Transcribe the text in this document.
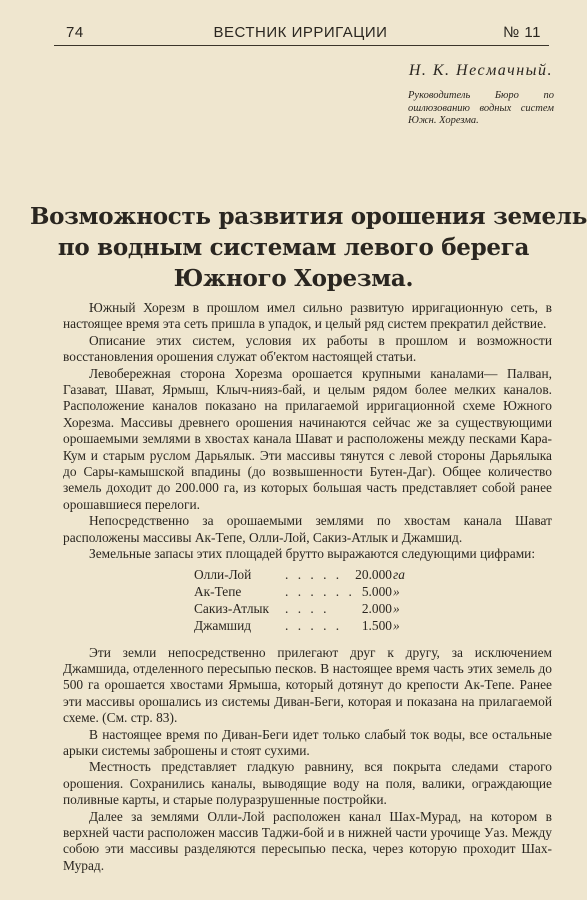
74	ВЕСТНИК ИРРИГАЦИИ	№ 11
Н. К. Несмачный.
Руководитель Бюро по ошлюзованию водных систем Южн. Хорезма.
Возможность развития орошения земель
по водным системам левого берега
Южного Хорезма.

Южный Хорезм в прошлом имел сильно развитую ирригационную сеть, в настоящее время эта сеть пришла в упадок, и целый ряд систем прекратил действие.

Описание этих систем, условия их работы в прошлом и возможности восстановления орошения служат об'ектом настоящей статьи.

Левобережная сторона Хорезма орошается крупными каналами— Палван, Газават, Шават, Ярмыш, Клыч-нияз-бай, и целым рядом более мелких каналов. Расположение каналов показано на прилагаемой ирригационной схеме Южного Хорезма. Массивы древнего орошения начинаются сейчас же за существующими орошаемыми землями в хвостах канала Шават и расположены между песками Кара-Кум и старым руслом Дарьялык. Эти массивы тянутся с левой стороны Дарьялыка до Сары-камышской впадины (до возвышенности Бутен-Даг). Общее количество земель доходит до 200.000 га, из которых большая часть представляет собой ранее орошавшиеся перелоги.

Непосредственно за орошаемыми землями по хвостам канала Шават расположены массивы Ак-Тепе, Олли-Лой, Сакиз-Атлык и Джамшид.

Земельные запасы этих площадей брутто выражаются следующими цифрами:

Олли-Лой	. . . . . 20.000 га
Ак-Тепе	. . . . . . 5.000 »
Сакиз-Атлык . . . . 2.000 »
Джамшид	. . . . . 1.500 »

Эти земли непосредственно прилегают друг к другу, за исключением Джамшида, отделенного пересыпью песков. В настоящее время часть этих земель до 500 га орошается хвостами Ярмыша, который дотянут до крепости Ак-Тепе. Ранее эти массивы орошались из системы Диван-Беги, которая и показана на прилагаемой схеме. (См. стр. 83).

В настоящее время по Диван-Беги идет только слабый ток воды, все остальные арыки системы заброшены и стоят сухими.

Местность представляет гладкую равнину, вся покрыта следами старого орошения. Сохранились каналы, выводящие воду на поля, валики, ограждающие поливные карты, и старые полуразрушенные постройки.

Далее за землями Олли-Лой расположен канал Шах-Мурад, на котором в верхней части расположен массив Таджи-бой и в нижней части урочище Уаз. Между собою эти массивы разделяются пересыпью песка, через которую проходит Шах-Мурад.
